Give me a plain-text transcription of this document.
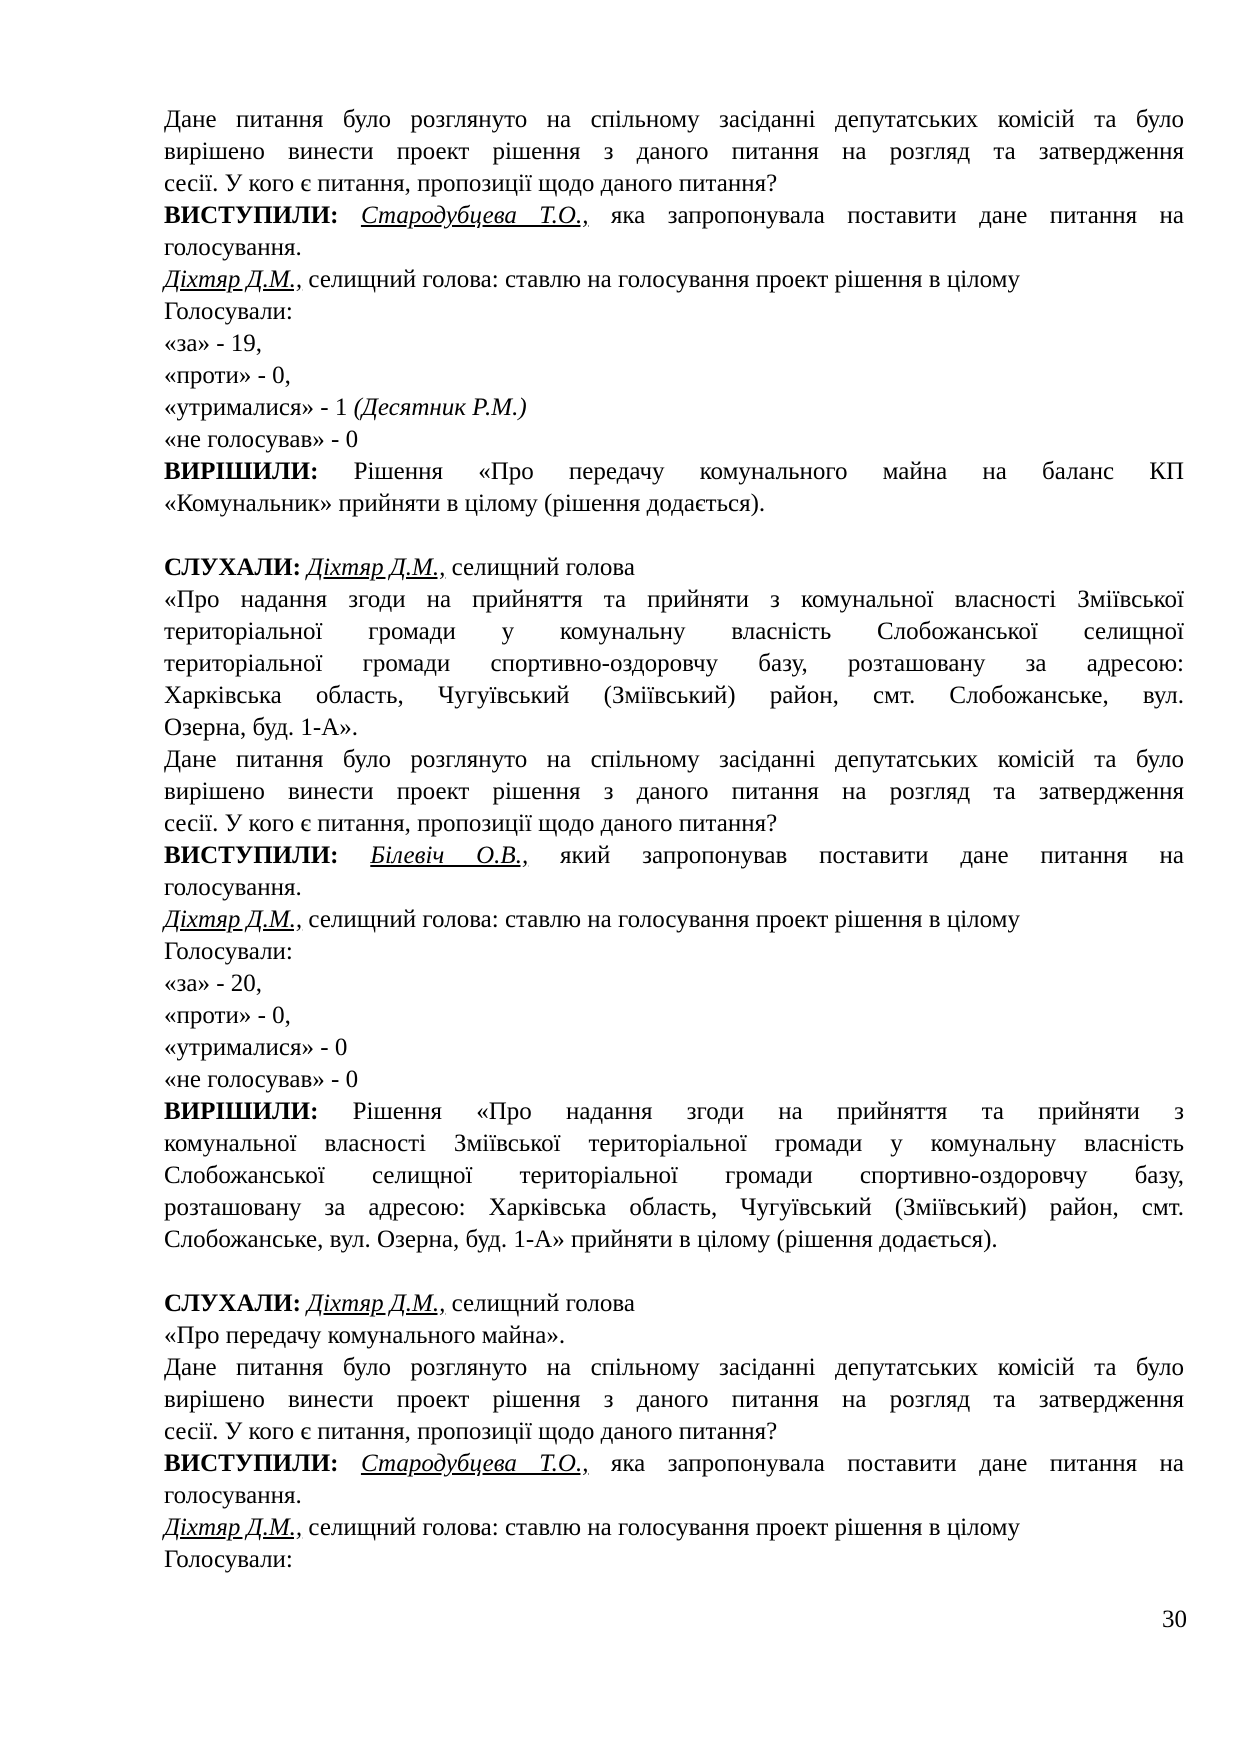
Дане питання було розглянуто на спільному засіданні депутатських комісій та було
вирішено винести проект рішення з даного питання на розгляд та затвердження
сесії. У кого є питання, пропозиції щодо даного питання?
ВИСТУПИЛИ: Стародубцева Т.О., яка запропонувала поставити дане питання на
голосування.
Діхтяр Д.М., селищний голова: ставлю на голосування проект рішення в цілому
Голосували:
«за» - 19,
«проти» - 0,
«утрималися» - 1 (Десятник Р.М.)
«не голосував» - 0
ВИРІШИЛИ: Рішення «Про передачу комунального майна на баланс КП
«Комунальник» прийняти в цілому (рішення додається).
СЛУХАЛИ: Діхтяр Д.М., селищний голова
«Про надання згоди на прийняття та прийняти з комунальної власності Зміївської
територіальної громади у комунальну власність Слобожанської селищної
територіальної громади спортивно-оздоровчу базу, розташовану за адресою:
Харківська область, Чугуївський (Зміївський) район, смт. Слобожанське, вул.
Озерна, буд. 1-А».
Дане питання було розглянуто на спільному засіданні депутатських комісій та було
вирішено винести проект рішення з даного питання на розгляд та затвердження
сесії. У кого є питання, пропозиції щодо даного питання?
ВИСТУПИЛИ: Білевіч О.В., який запропонував поставити дане питання на
голосування.
Діхтяр Д.М., селищний голова: ставлю на голосування проект рішення в цілому
Голосували:
«за» - 20,
«проти» - 0,
«утрималися» - 0
«не голосував» - 0
ВИРІШИЛИ: Рішення «Про надання згоди на прийняття та прийняти з
комунальної власності Зміївської територіальної громади у комунальну власність
Слобожанської селищної територіальної громади спортивно-оздоровчу базу,
розташовану за адресою: Харківська область, Чугуївський (Зміївський) район, смт.
Слобожанське, вул. Озерна, буд. 1-А» прийняти в цілому (рішення додається).
СЛУХАЛИ: Діхтяр Д.М., селищний голова
«Про передачу комунального майна».
Дане питання було розглянуто на спільному засіданні депутатських комісій та було
вирішено винести проект рішення з даного питання на розгляд та затвердження
сесії. У кого є питання, пропозиції щодо даного питання?
ВИСТУПИЛИ: Стародубцева Т.О., яка запропонувала поставити дане питання на
голосування.
Діхтяр Д.М., селищний голова: ставлю на голосування проект рішення в цілому
Голосували:
30
